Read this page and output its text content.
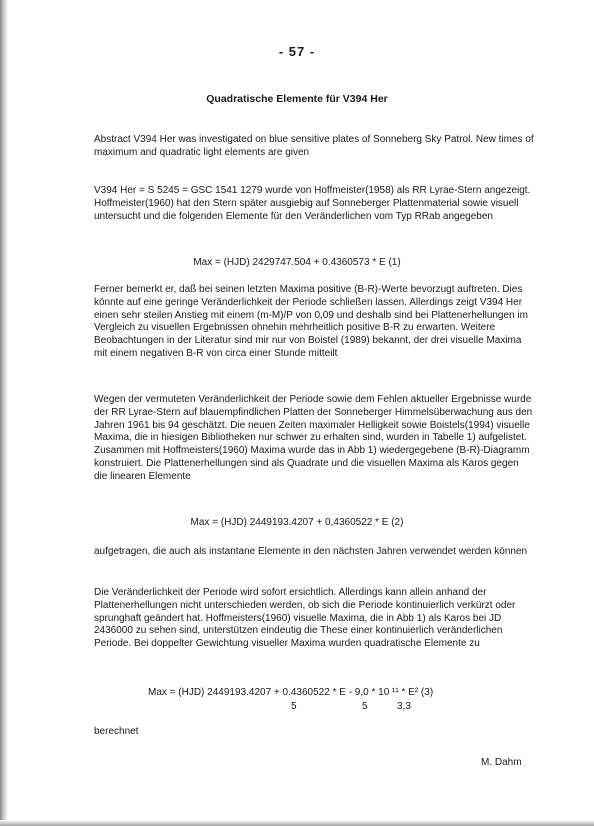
- 57 -
Quadratische Elemente für V394 Her

Abstract V394 Her was investigated on blue sensitive plates of Sonneberg Sky Patrol. New times of maximum and quadratic light elements are given

V394 Her = S 5245 = GSC 1541 1279 wurde von Hoffmeister(1958) als RR Lyrae-Stern angezeigt. Hoffmeister(1960) hat den Stern später ausgiebig auf Sonneberger Plattenmaterial sowie visuell untersucht und die folgenden Elemente für den Veränderlichen vom Typ RRab angegeben

Max = (HJD) 2429747.504 + 0.4360573 * E (1)

Ferner bemerkt er, daß bei seinen letzten Maxima positive (B-R)-Werte bevorzugt auftreten. Dies könnte auf eine geringe Veränderlichkeit der Periode schließen lassen. Allerdings zeigt V394 Her einen sehr steilen Anstieg mit einem (m-M)/P von 0,09 und deshalb sind bei Plattenerhellungen im Vergleich zu visuellen Ergebnissen ohnehin mehrheitlich positive B-R zu erwarten. Weitere Beobachtungen in der Literatur sind mir nur von Boistel (1989) bekannt, der drei visuelle Maxima mit einem negativen B-R von circa einer Stunde mitteilt

Wegen der vermuteten Veränderlichkeit der Periode sowie dem Fehlen aktueller Ergebnisse wurde der RR Lyrae-Stern auf blauempfindlichen Platten der Sonneberger Himmelsüberwachung aus den Jahren 1961 bis 94 geschätzt. Die neuen Zeiten maximaler Helligkeit sowie Boistels(1994) visuelle Maxima, die in hiesigen Bibliotheken nur schwer zu erhalten sind, wurden in Tabelle 1) aufgelistet. Zusammen mit Hoffmeisters(1960) Maxima wurde das in Abb 1) wiedergegebene (B-R)-Diagramm konstruiert. Die Plattenerhellungen sind als Quadrate und die visuellen Maxima als Karos gegen die linearen Elemente

Max = (HJD) 2449193.4207 + 0,4360522 * E (2)

aufgetragen, die auch als instantane Elemente in den nächsten Jahren verwendet werden können

Die Veränderlichkeit der Periode wird sofort ersichtlich. Allerdings kann allein anhand der Plattenerhellungen nicht unterschieden werden, ob sich die Periode kontinuierlich verkürzt oder sprunghaft geändert hat. Hoffmeisters(1960) visuelle Maxima, die in Abb 1) als Karos bei JD 2436000 zu sehen sind, unterstützen eindeutig die These einer kontinuierlich veränderlichen Periode. Bei doppelter Gewichtung visueller Maxima wurden quadratische Elemente zu

Max = (HJD) 2449193.4207 + 0.4360522 * E - 9,0 * 10 ¹¹ * E² (3)
5	5	3,3

berechnet

M. Dahm
